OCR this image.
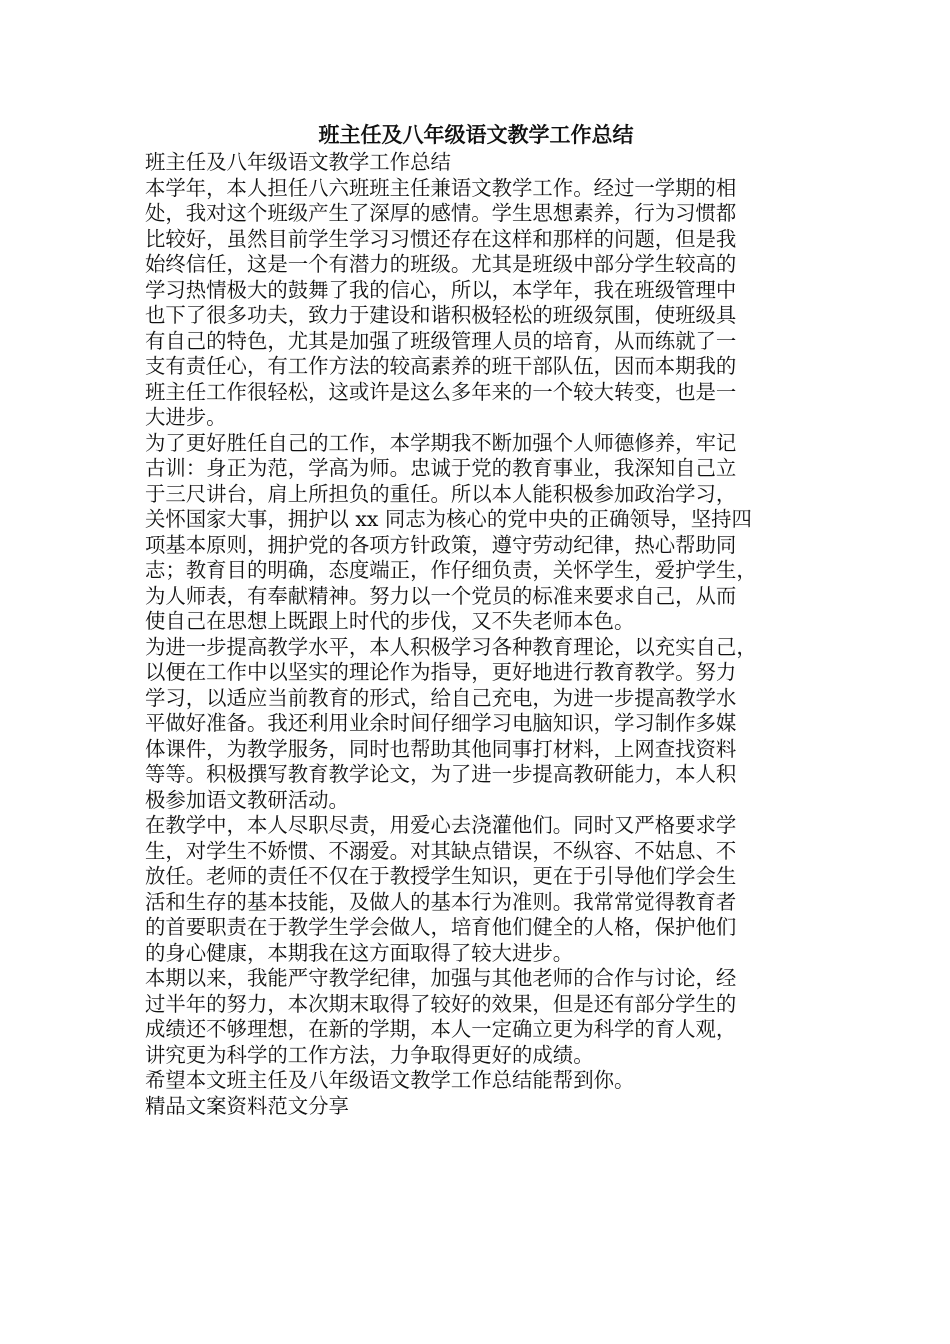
班主任及八年级语文教学工作总结

班主任及八年级语文教学工作总结

本学年，本人担任八六班班主任兼语文教学工作。经过一学期的相

处，我对这个班级产生了深厚的感情。学生思想素养，行为习惯都

比较好，虽然目前学生学习习惯还存在这样和那样的问题，但是我

始终信任，这是一个有潜力的班级。尤其是班级中部分学生较高的

学习热情极大的鼓舞了我的信心，所以，本学年，我在班级管理中

也下了很多功夫，致力于建设和谐积极轻松的班级氛围，使班级具

有自己的特色，尤其是加强了班级管理人员的培育，从而练就了一

支有责任心，有工作方法的较高素养的班干部队伍，因而本期我的

班主任工作很轻松，这或许是这么多年来的一个较大转变，也是一

大进步。

为了更好胜任自己的工作，本学期我不断加强个人师德修养，牢记

古训：身正为范，学高为师。忠诚于党的教育事业，我深知自己立

于三尺讲台，肩上所担负的重任。所以本人能积极参加政治学习，

关怀国家大事，拥护以 xx 同志为核心的党中央的正确领导，坚持四

项基本原则，拥护党的各项方针政策，遵守劳动纪律，热心帮助同

志；教育目的明确，态度端正，作仔细负责，关怀学生，爱护学生，

为人师表，有奉献精神。努力以一个党员的标准来要求自己，从而

使自己在思想上既跟上时代的步伐，又不失老师本色。

为进一步提高教学水平，本人积极学习各种教育理论，以充实自己，

以便在工作中以坚实的理论作为指导，更好地进行教育教学。努力

学习，以适应当前教育的形式，给自己充电，为进一步提高教学水

平做好准备。我还利用业余时间仔细学习电脑知识，学习制作多媒

体课件，为教学服务，同时也帮助其他同事打材料，上网查找资料

等等。积极撰写教育教学论文，为了进一步提高教研能力，本人积

极参加语文教研活动。

在教学中，本人尽职尽责，用爱心去浇灌他们。同时又严格要求学

生，对学生不娇惯、不溺爱。对其缺点错误，不纵容、不姑息、不

放任。老师的责任不仅在于教授学生知识，更在于引导他们学会生

活和生存的基本技能，及做人的基本行为准则。我常常觉得教育者

的首要职责在于教学生学会做人，培育他们健全的人格，保护他们

的身心健康，本期我在这方面取得了较大进步。

本期以来，我能严守教学纪律，加强与其他老师的合作与讨论，经

过半年的努力，本次期末取得了较好的效果，但是还有部分学生的

成绩还不够理想，在新的学期，本人一定确立更为科学的育人观，

讲究更为科学的工作方法，力争取得更好的成绩。

希望本文班主任及八年级语文教学工作总结能帮到你。

精品文案资料范文分享
